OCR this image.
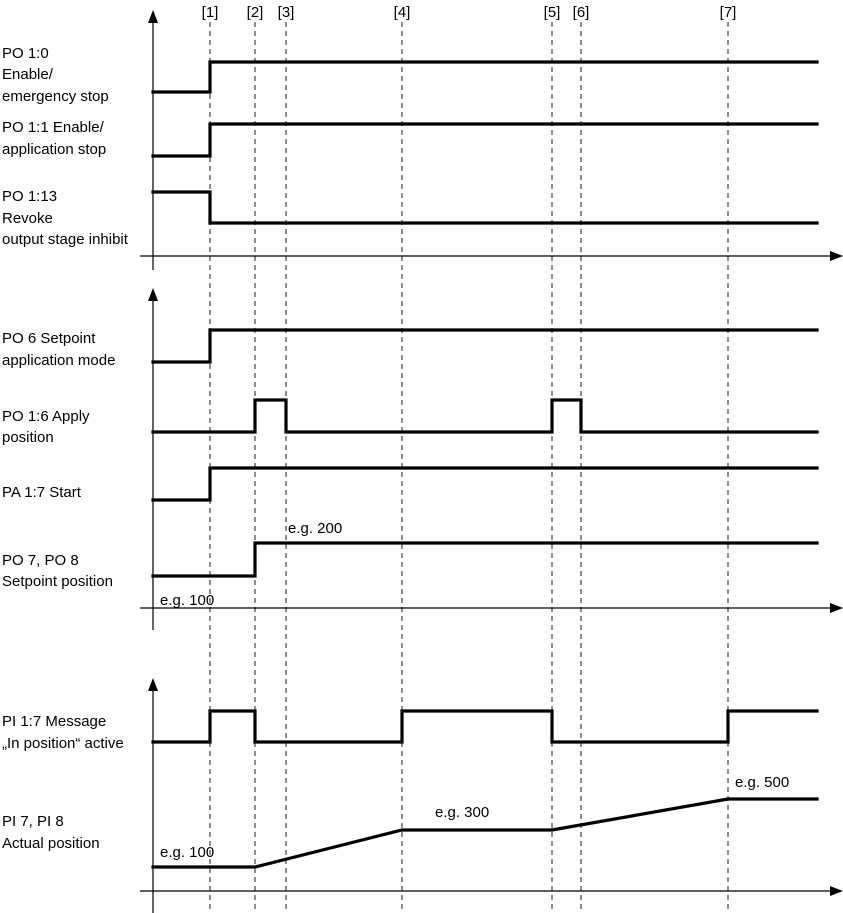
[1] [2] [3]	[4]	[5] [6]	[7]
PO 1:0 Enable/ emergency stop
PO 1:1 Enable/ application stop
PO 1:13 Revoke output stage inhibit
PO 6 Setpoint application mode
PO 1:6 Apply position
PA 1:7 Start
PO 7, PO 8 Setpoint position
PI 1:7 Message „In position“ active
PI 7, PI 8 Actual position
e.g. 100
e.g. 200
e.g. 100
e.g. 300
e.g. 500
